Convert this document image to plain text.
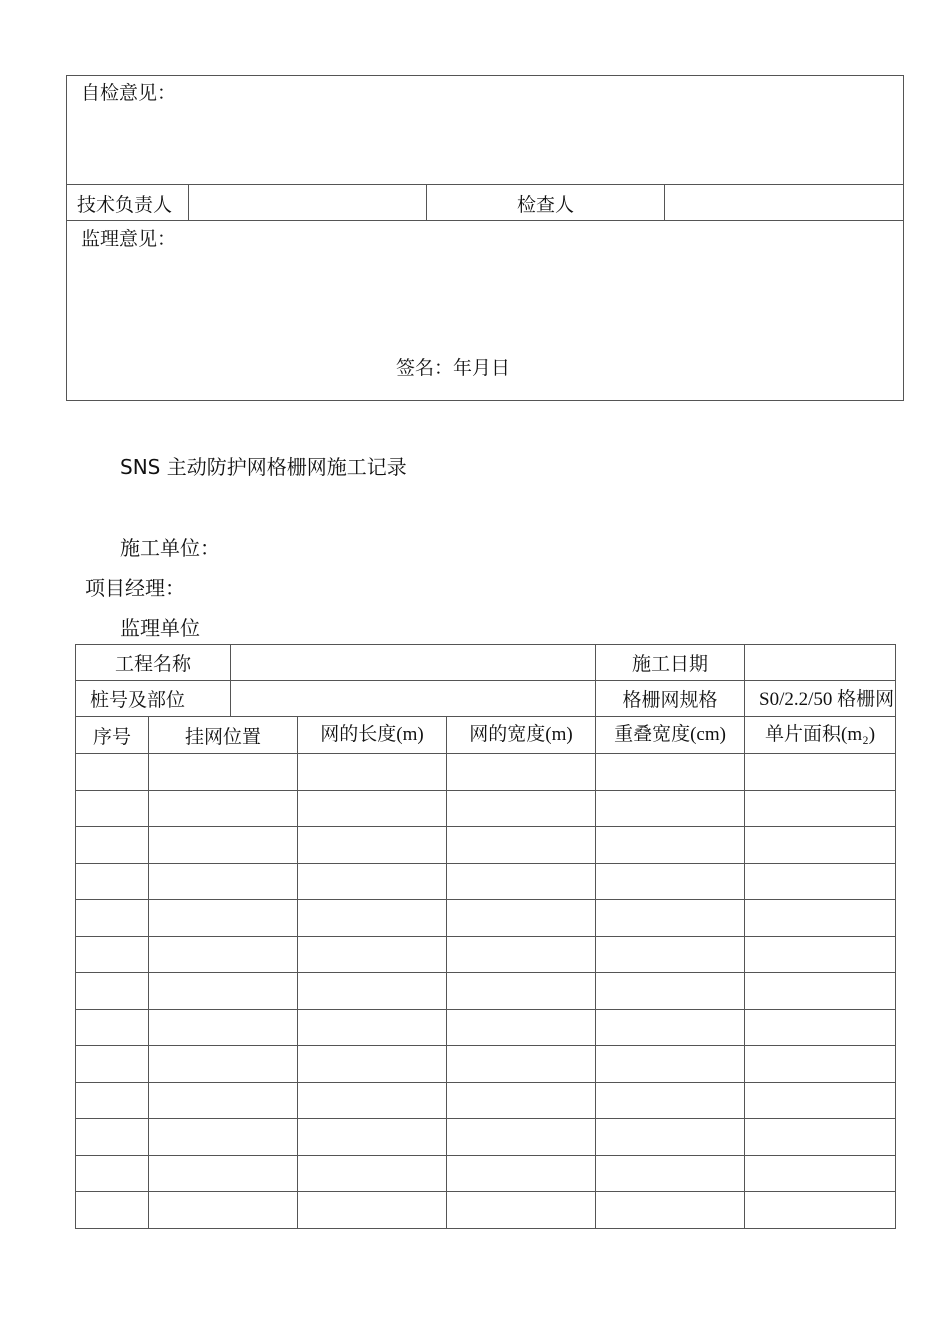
自检意见：
技术负责人	检查人
监理意见：
签名：年月日
SNS 主动防护网格栅网施工记录
施工单位：
项目经理：
监理单位
工程名称					施工日期	
桩号及部位					格栅网规格	S0/2.2/50 格栅网
序号	挂网位置		网的长度(m)	网的宽度(m)	重叠宽度(cm)	单片面积(m₂)
